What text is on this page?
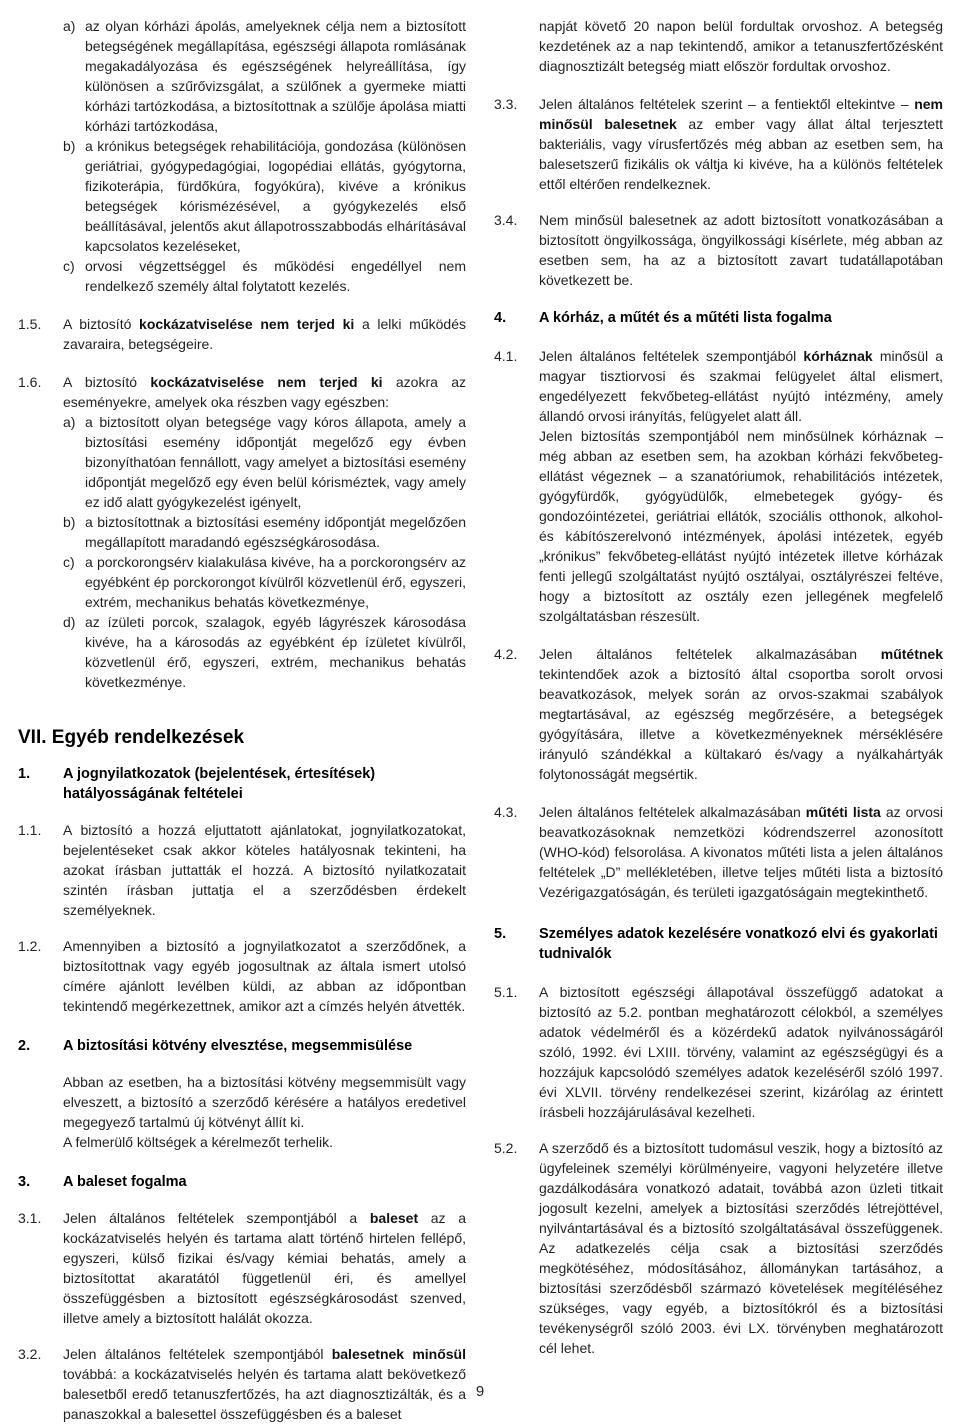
a) az olyan kórházi ápolás, amelyeknek célja nem a biztosított betegségének megállapítása, egészségi állapota romlásának megakadályozása és egészségének helyreállítása, így különösen a szűrővizsgálat, a szülőnek a gyermeke miatti kórházi tartózkodása, a biztosítottnak a szülője ápolása miatti kórházi tartózkodása,
b) a krónikus betegségek rehabilitációja, gondozása (különösen geriátriai, gyógypedagógiai, logopédiai ellátás, gyógytorna, fizikoterápia, fürdőkúra, fogyókúra), kivéve a krónikus betegségek kórismézésével, a gyógykezelés első beállításával, jelentős akut állapotrosszabbodás elhárításával kapcsolatos kezeléseket,
c) orvosi végzettséggel és működési engedéllyel nem rendelkező személy által folytatott kezelés.
1.5.	A biztosító kockázatviselése nem terjed ki a lelki működés zavaraira, betegségeire.

1.6.	A biztosító kockázatviselése nem terjed ki azokra az eseményekre, amelyek oka részben vagy egészben:

a) a biztosított olyan betegsége vagy kóros állapota, amely a biztosítási esemény időpontját megelőző egy évben bizonyíthatóan fennállott, vagy amelyet a biztosítási esemény időpontját megelőző egy éven belül kórisméztek, vagy amely ez idő alatt gyógykezelést igényelt,
b) a biztosítottnak a biztosítási esemény időpontját megelőzően megállapított maradandó egészségkárosodása.
c) a porckorongsérv kialakulása kivéve, ha a porckorongsérv az egyébként ép porckorongot kívülről közvetlenül érő, egyszeri, extrém, mechanikus behatás következménye,
d) az ízületi porcok, szalagok, egyéb lágyrészek károsodása kivéve, ha a károsodás az egyébként ép ízületet kívülről, közvetlenül érő, egyszeri, extrém, mechanikus behatás következménye.
VII. Egyéb rendelkezések
1.	A jognyilatkozatok (bejelentések, értesítések) hatályosságának feltételei
1.1.	A biztosító a hozzá eljuttatott ajánlatokat, jognyilatkozatokat, bejelentéseket csak akkor köteles hatályosnak tekinteni, ha azokat írásban juttatták el hozzá. A biztosító nyilatkozatait szintén írásban juttatja el a szerződésben érdekelt személyeknek.

1.2.	Amennyiben a biztosító a jognyilatkozatot a szerződőnek, a biztosítottnak vagy egyéb jogosultnak az általa ismert utolsó címére ajánlott levélben küldi, az abban az időpontban tekintendő megérkezettnek, amikor azt a címzés helyén átvették.

2.	A biztosítási kötvény elvesztése, megsemmisülése

Abban az esetben, ha a biztosítási kötvény megsemmisült vagy elveszett, a biztosító a szerződő kérésére a hatályos eredetivel megegyező tartalmú új kötvényt állít ki.

A felmerülő költségek a kérelmezőt terhelik.

3.	A baleset fogalma
3.1.	Jelen általános feltételek szempontjából a baleset az a kockázatviselés helyén és tartama alatt történő hirtelen fellépő, egyszeri, külső fizikai és/vagy kémiai behatás, amely a biztosítottat akaratától függetlenül éri, és amellyel összefüggésben a biztosított egészségkárosodást szenved, illetve amely a biztosított halálát okozza.

3.2.	Jelen általános feltételek szempontjából balesetnek minősül továbbá: a kockázatviselés helyén és tartama alatt bekövetkező balesetből eredő tetanuszfertőzés, ha azt diagnosztizálták, és a panaszokkal a balesettel összefüggésben és a baleset

napját követő 20 napon belül fordultak orvoshoz. A betegség kezdetének az a nap tekintendő, amikor a tetanuszfertőzésként diagnosztizált betegség miatt először fordultak orvoshoz.

3.3.	Jelen általános feltételek szerint – a fentiektől eltekintve – nem minősül balesetnek az ember vagy állat által terjesztett bakteriális, vagy vírusfertőzés még abban az esetben sem, ha balesetszerű fizikális ok váltja ki kivéve, ha a különös feltételek ettől eltérően rendelkeznek.

3.4.	Nem minősül balesetnek az adott biztosított vonatkozásában a biztosított öngyilkossága, öngyilkossági kísérlete, még abban az esetben sem, ha az a biztosított zavart tudatállapotában következett be.

4.	A kórház, a műtét és a műtéti lista fogalma
4.1.	Jelen általános feltételek szempontjából kórháznak minősül a magyar tisztiorvosi és szakmai felügyelet által elismert, engedélyezett fekvőbeteg-ellátást nyújtó intézmény, amely állandó orvosi irányítás, felügyelet alatt áll.

Jelen biztosítás szempontjából nem minősülnek kórháznak – még abban az esetben sem, ha azokban kórházi fekvőbeteg-ellátást végeznek – a szanatóriumok, rehabilitációs intézetek, gyógyfürdők, gyógyüdülők, elmebetegek gyógy- és gondozóintézetei, geriátriai ellátók, szociális otthonok, alkohol- és kábítószerelvonó intézmények, ápolási intézetek, egyéb „krónikus” fekvőbeteg-ellátást nyújtó intézetek illetve kórházak fenti jellegű szolgáltatást nyújtó osztályai, osztályrészei feltéve, hogy a biztosított az osztály ezen jellegének megfelelő szolgáltatásban részesült.

4.2.	Jelen általános feltételek alkalmazásában műtétnek tekintendőek azok a biztosító által csoportba sorolt orvosi beavatkozások, melyek során az orvos-szakmai szabályok megtartásával, az egészség megőrzésére, a betegségek gyógyítására, illetve a következményeknek mérséklésére irányuló szándékkal a kültakaró és/vagy a nyálkahártyák folytonosságát megsértik.

4.3.	Jelen általános feltételek alkalmazásában műtéti lista az orvosi beavatkozásoknak nemzetközi kódrendszerrel azonosított (WHO-kód) felsorolása. A kivonatos műtéti lista a jelen általános feltételek „D” mellékletében, illetve teljes műtéti lista a biztosító Vezérigazgatóságán, és területi igazgatóságain megtekinthető.

5.	Személyes adatok kezelésére vonatkozó elvi és gyakorlati tudnivalók
5.1.	A biztosított egészségi állapotával összefüggő adatokat a biztosító az 5.2. pontban meghatározott célokból, a személyes adatok védelméről és a közérdekű adatok nyilvánosságáról szóló, 1992. évi LXIII. törvény, valamint az egészségügyi és a hozzájuk kapcsolódó személyes adatok kezeléséről szóló 1997. évi XLVII. törvény rendelkezései szerint, kizárólag az érintett írásbeli hozzájárulásával kezelheti.

5.2.	A szerződő és a biztosított tudomásul veszik, hogy a biztosító az ügyfeleinek személyi körülményeire, vagyoni helyzetére illetve gazdálkodására vonatkozó adatait, továbbá azon üzleti titkait jogosult kezelni, amelyek a biztosítási szerződés létrejöttével, nyilvántartásával és a biztosító szolgáltatásával összefüggenek. Az adatkezelés célja csak a biztosítási szerződés megkötéséhez, módosításához, állománykan tartásához, a biztosítási szerződésből származó követelések megítéléséhez szükséges, vagy egyéb, a biztosítókról és a biztosítási tevékenységről szóló 2003. évi LX. törvényben meghatározott cél lehet.

9
